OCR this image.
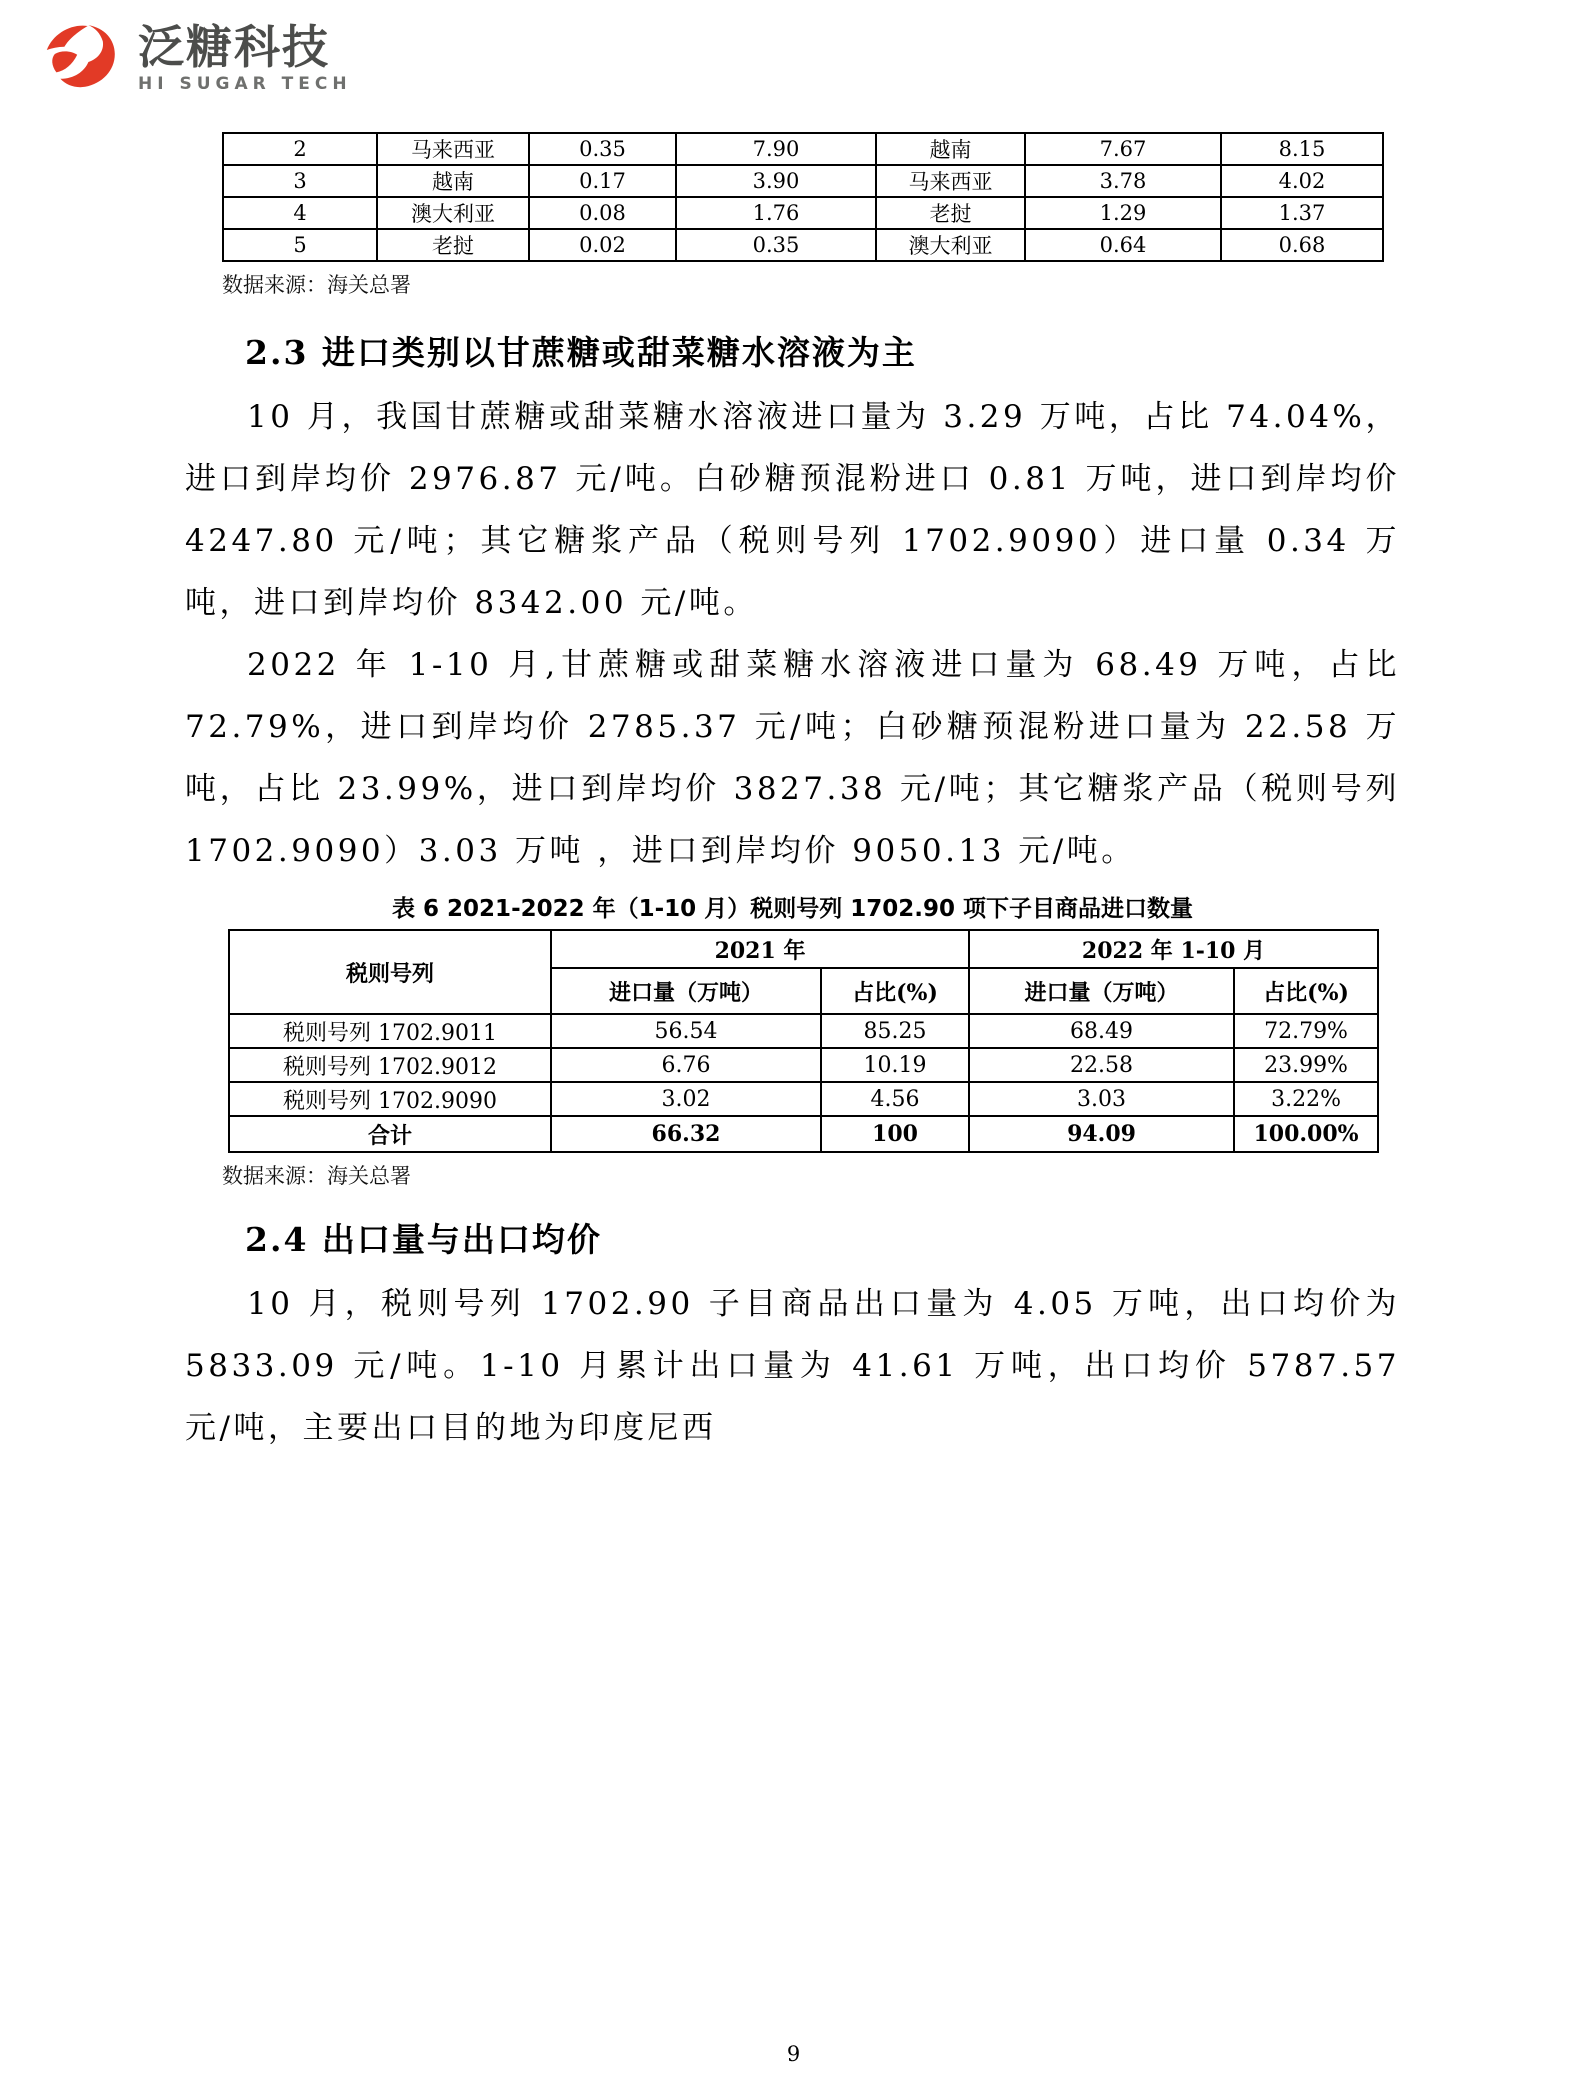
泛糖科技
HI SUGAR TECH
2	马来西亚	0.35	7.90	越南	7.67	8.15
3	越南	0.17	3.90	马来西亚	3.78	4.02
4	澳大利亚	0.08	1.76	老挝	1.29	1.37
5	老挝	0.02	0.35	澳大利亚	0.64	0.68
数据来源：海关总署
2.3 进口类别以甘蔗糖或甜菜糖水溶液为主

10 月，我国甘蔗糖或甜菜糖水溶液进口量为 3.29 万吨，占比 74.04%，进口到岸均价 2976.87 元/吨。白砂糖预混粉进口 0.81 万吨，进口到岸均价 4247.80 元/吨；其它糖浆产品（税则号列 1702.9090）进口量 0.34 万吨，进口到岸均价 8342.00 元/吨。

2022 年 1-10 月,甘蔗糖或甜菜糖水溶液进口量为 68.49 万吨，占比 72.79%，进口到岸均价 2785.37 元/吨；白砂糖预混粉进口量为 22.58 万吨，占比 23.99%，进口到岸均价 3827.38 元/吨；其它糖浆产品（税则号列 1702.9090）3.03 万吨 ，进口到岸均价 9050.13 元/吨。

表 6 2021-2022 年（1-10 月）税则号列 1702.90 项下子目商品进口数量
税则号列	2021 年		2022 年 1-10 月	
	进口量（万吨）	占比(%)	进口量（万吨）	占比(%)
税则号列 1702.9011	56.54	85.25	68.49	72.79%
税则号列 1702.9012	6.76	10.19	22.58	23.99%
税则号列 1702.9090	3.02	4.56	3.03	3.22%
合计	66.32	100	94.09	100.00%
数据来源：海关总署
2.4 出口量与出口均价

10 月，税则号列 1702.90 子目商品出口量为 4.05 万吨，出口均价为 5833.09 元/吨。1-10 月累计出口量为 41.61 万吨，出口均价 5787.57 元/吨，主要出口目的地为印度尼西

9
